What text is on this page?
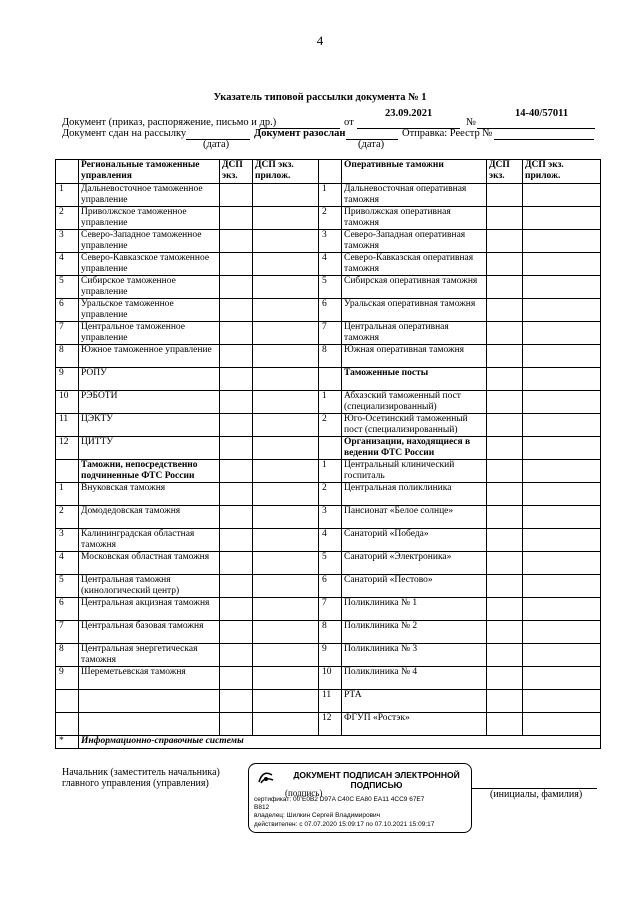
4
Указатель типовой рассылки документа № 1
23.09.2021	14-40/57011
Документ (приказ, распоряжение, письмо и др.)	от	№
Документ сдан на рассылку	Документ разослан	Отправка: Реестр №
(дата)	(дата)
	Региональные таможенные управления	ДСП экз.	ДСП экз. прилож.		Оперативные таможни	ДСП экз.	ДСП экз. прилож.
1	Дальневосточное таможенное управление			1	Дальневосточная оперативная таможня		
2	Приволжское таможенное управление			2	Приволжская оперативная таможня		
3	Северо-Западное таможенное управление			3	Северо-Западная оперативная таможня		
4	Северо-Кавказское таможенное управление			4	Северо-Кавказская оперативная таможня		
5	Сибирское таможенное управление			5	Сибирская оперативная таможня		
6	Уральское таможенное управление			6	Уральская оперативная таможня		
7	Центральное таможенное управление			7	Центральная оперативная таможня		
8	Южное таможенное управление			8	Южная оперативная таможня		
9	РОПУ				Таможенные посты		
10	РЭБОТИ			1	Абхазский таможенный пост (специализированный)		
11	ЦЭКТУ			2	Юго-Осетинский таможенный пост (специализированный)		
12	ЦИТТУ				Организации, находящиеся в ведении ФТС России		
	Таможни, непосредственно подчиненные ФТС России			1	Центральный клинический госпиталь		
1	Внуковская таможня			2	Центральная поликлиника		
2	Домодедовская таможня			3	Пансионат «Белое солнце»		
3	Калининградская областная таможня			4	Санаторий «Победа»		
4	Московская областная таможня			5	Санаторий «Электроника»		
5	Центральная таможня (кинологический центр)			6	Санаторий «Пестово»		
6	Центральная акцизная таможня			7	Поликлиника № 1		
7	Центральная базовая таможня			8	Поликлиника № 2		
8	Центральная энергетическая таможня			9	Поликлиника № 3		
9	Шереметьевская таможня			10	Поликлиника № 4		
				11	РТА		
				12	ФГУП «Ростэк»		
*	Информационно-справочные системы						
Начальник (заместитель начальника)
главного управления (управления)
(инициалы, фамилия)
ДОКУМЕНТ ПОДПИСАН ЭЛЕКТРОННОЙ ПОДПИСЬЮ
(подпись)
сертификат: 00 E0B2 D97A C40C EA80 EA11 4CC9 67E7
B812
владелец: Шилкин Сергей Владимирович
действителен: с 07.07.2020 15:09:17 по 07.10.2021 15:09:17
